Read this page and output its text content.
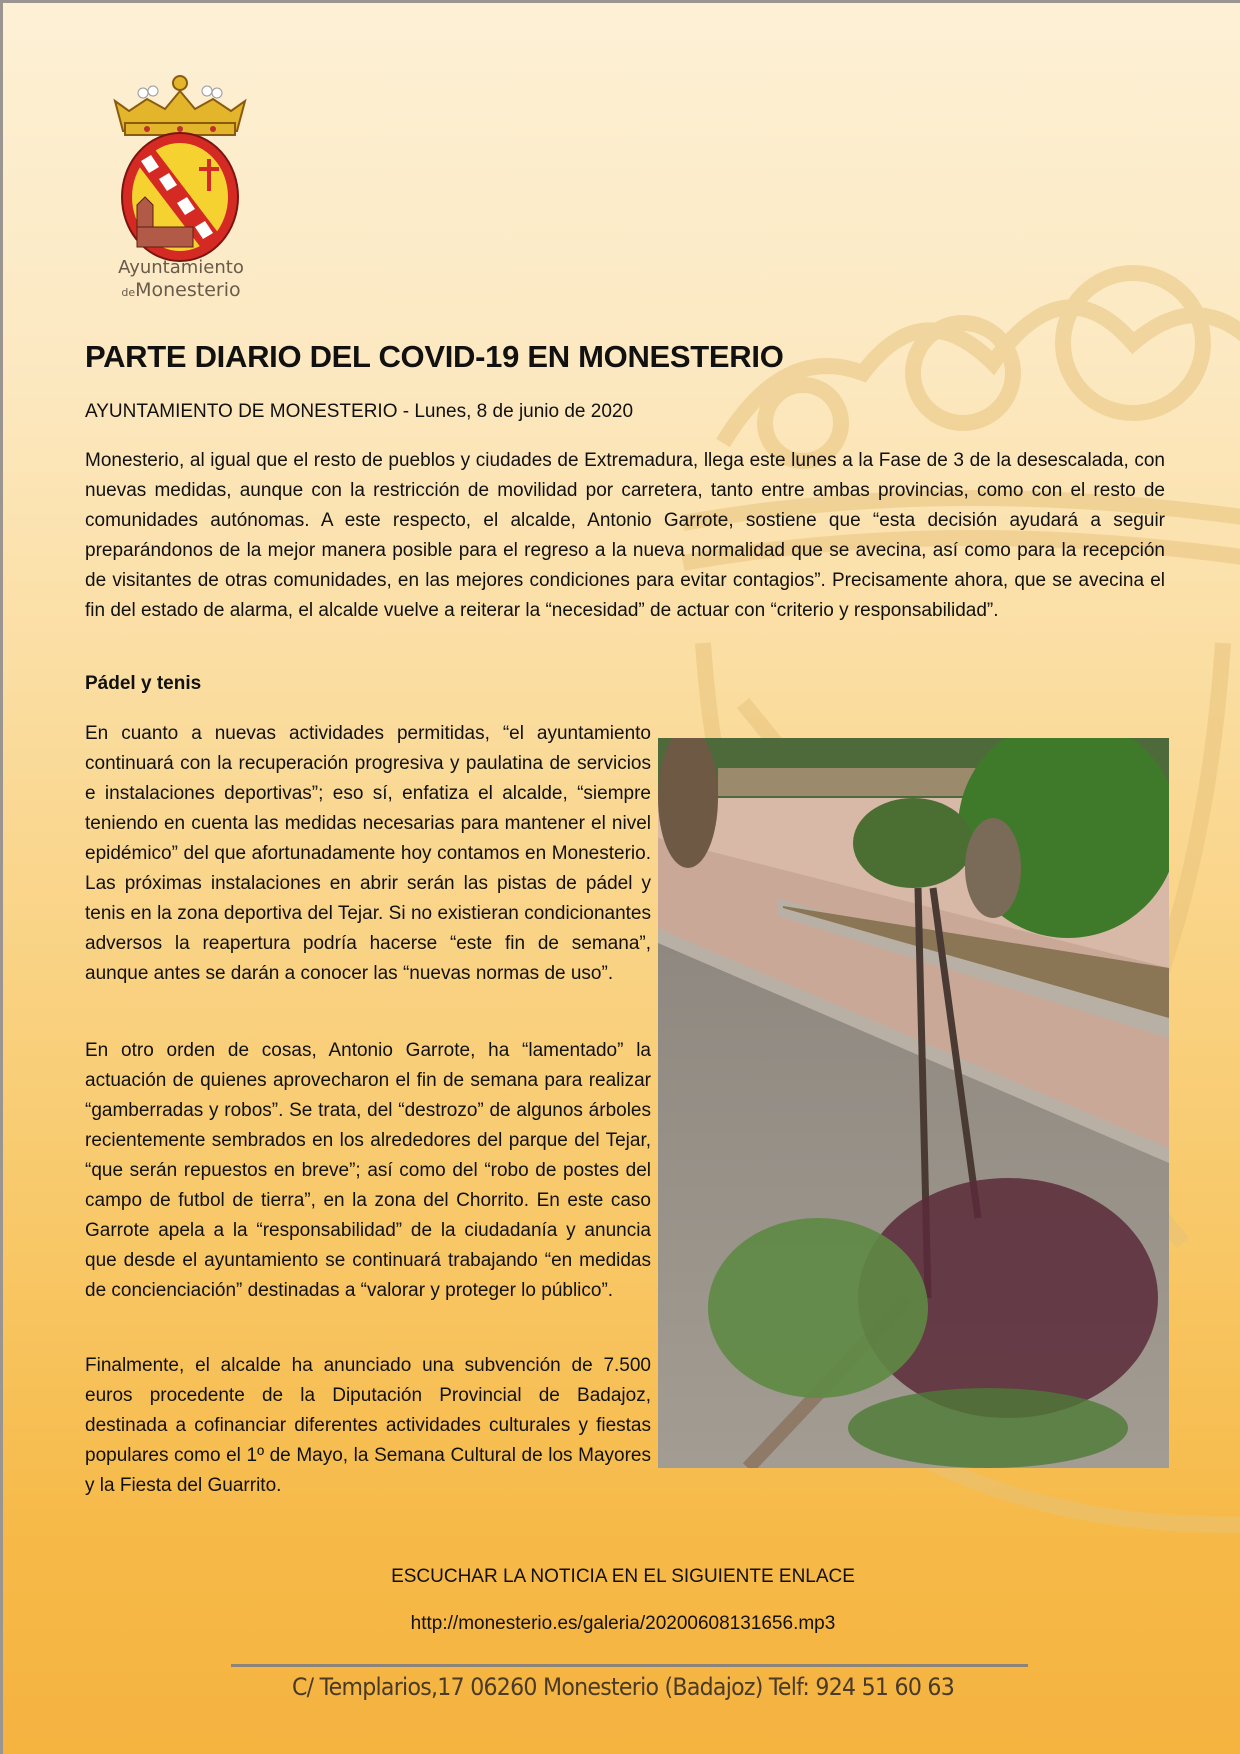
Ayuntamiento
deMonesterio
PARTE DIARIO DEL COVID-19 EN MONESTERIO
AYUNTAMIENTO DE MONESTERIO - Lunes, 8 de junio de 2020

Monesterio, al igual que el resto de pueblos y ciudades de Extremadura, llega este lunes a la Fase de 3 de la desescalada, con nuevas medidas, aunque con la restricción de movilidad por carretera, tanto entre ambas provincias, como con el resto de comunidades autónomas. A este respecto, el alcalde, Antonio Garrote, sostiene que “esta decisión ayudará a seguir preparándonos de la mejor manera posible para el regreso a la nueva normalidad que se avecina, así como para la recepción de visitantes de otras comunidades, en las mejores condiciones para evitar contagios”. Precisamente ahora, que se avecina el fin del estado de alarma, el alcalde vuelve a reiterar la “necesidad” de actuar con “criterio y responsabilidad”.

Pádel y tenis

En cuanto a nuevas actividades permitidas, “el ayuntamiento continuará con la recuperación progresiva y paulatina de servicios e instalaciones deportivas”; eso sí, enfatiza el alcalde, “siempre teniendo en cuenta las medidas necesarias para mantener el nivel epidémico” del que afortunadamente hoy contamos en Monesterio. Las próximas instalaciones en abrir serán las pistas de pádel y tenis en la zona deportiva del Tejar. Si no existieran condicionantes adversos la reapertura podría hacerse “este fin de semana”, aunque antes se darán a conocer las “nuevas normas de uso”.

En otro orden de cosas, Antonio Garrote, ha “lamentado” la actuación de quienes aprovecharon el fin de semana para realizar “gamberradas y robos”. Se trata, del “destrozo” de algunos árboles recientemente sembrados en los alrededores del parque del Tejar, “que serán repuestos en breve”; así como del “robo de postes del campo de futbol de tierra”, en la zona del Chorrito. En este caso Garrote apela a la “responsabilidad” de la ciudadanía y anuncia que desde el ayuntamiento se continuará trabajando “en medidas de concienciación” destinadas a “valorar y proteger lo público”.

Finalmente, el alcalde ha anunciado una subvención de 7.500 euros procedente de la Diputación Provincial de Badajoz, destinada a cofinanciar diferentes actividades culturales y fiestas populares como el 1º de Mayo, la Semana Cultural de los Mayores y la Fiesta del Guarrito.

ESCUCHAR LA NOTICIA EN EL SIGUIENTE ENLACE
http://monesterio.es/galeria/20200608131656.mp3
C/ Templarios,17 06260 Monesterio (Badajoz) Telf: 924 51 60 63
